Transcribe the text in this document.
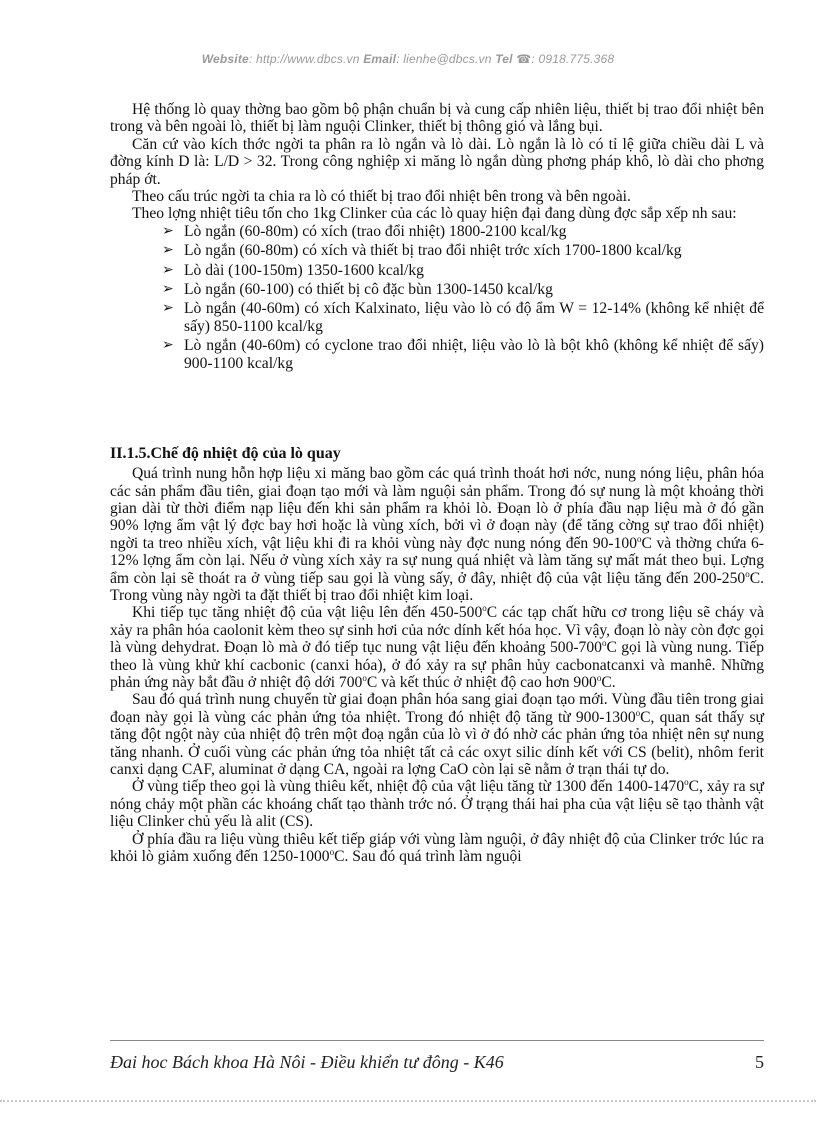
Website: http://www.dbcs.vn Email: lienhe@dbcs.vn Tel ☎: 0918.775.368

Hệ thống lò quay thờng bao gồm bộ phận chuẩn bị và cung cấp nhiên liệu, thiết bị trao đổi nhiệt bên trong và bên ngoài lò, thiết bị làm nguội Clinker, thiết bị thông gió và lắng bụi.

Căn cứ vào kích thớc ngời ta phân ra lò ngắn và lò dài. Lò ngắn là lò có tỉ lệ giữa chiều dài L và đờng kính D là: L/D > 32. Trong công nghiệp xi măng lò ngắn dùng phơng pháp khô, lò dài cho phơng pháp ớt.

Theo cấu trúc ngời ta chia ra lò có thiết bị trao đổi nhiệt bên trong và bên ngoài.

Theo lợng nhiệt tiêu tốn cho 1kg Clinker của các lò quay hiện đại đang dùng đợc sắp xếp nh sau:

➢ Lò ngắn (60-80m) có xích (trao đổi nhiệt) 1800-2100 kcal/kg
➢ Lò ngắn (60-80m) có xích và thiết bị trao đổi nhiệt trớc xích 1700-1800 kcal/kg
➢ Lò dài (100-150m) 1350-1600 kcal/kg
➢ Lò ngắn (60-100) có thiết bị cô đặc bùn 1300-1450 kcal/kg
➢ Lò ngắn (40-60m) có xích Kalxinato, liệu vào lò có độ ẩm W = 12-14% (không kể nhiệt để sấy) 850-1100 kcal/kg
➢ Lò ngắn (40-60m) có cyclone trao đổi nhiệt, liệu vào lò là bột khô (không kể nhiệt để sấy) 900-1100 kcal/kg
II.1.5.Chế độ nhiệt độ của lò quay

Quá trình nung hỗn hợp liệu xi măng bao gồm các quá trình thoát hơi nớc, nung nóng liệu, phân hóa các sản phẩm đầu tiên, giai đoạn tạo mới và làm nguội sản phẩm. Trong đó sự nung là một khoảng thời gian dài từ thời điểm nạp liệu đến khi sản phẩm ra khỏi lò. Đoạn lò ở phía đầu nạp liệu mà ở đó gần 90% lợng ẩm vật lý đợc bay hơi hoặc là vùng xích, bởi vì ở đoạn này (để tăng cờng sự trao đổi nhiệt) ngời ta treo nhiều xích, vật liệu khi đi ra khỏi vùng này đợc nung nóng đến 90-100$^o$C và thờng chứa 6-12% lợng ẩm còn lại. Nếu ở vùng xích xảy ra sự nung quá nhiệt và làm tăng sự mất mát theo bụi. Lợng ẩm còn lại sẽ thoát ra ở vùng tiếp sau gọi là vùng sấy, ở đây, nhiệt độ của vật liệu tăng đến 200-250$^o$C. Trong vùng này ngời ta đặt thiết bị trao đổi nhiệt kim loại.

Khi tiếp tục tăng nhiệt độ của vật liệu lên đến 450-500$^o$C các tạp chất hữu cơ trong liệu sẽ cháy và xảy ra phân hóa caolonit kèm theo sự sinh hơi của nớc dính kết hóa học. Vì vậy, đoạn lò này còn đợc gọi là vùng dehydrat. Đoạn lò mà ở đó tiếp tục nung vật liệu đến khoảng 500-700$^o$C gọi là vùng nung. Tiếp theo là vùng khử khí cacbonic (canxi hóa), ở đó xảy ra sự phân hủy cacbonatcanxi và manhê. Những phản ứng này bắt đầu ở nhiệt độ dới 700$^o$C và kết thúc ở nhiệt độ cao hơn 900$^o$C.

Sau đó quá trình nung chuyển từ giai đoạn phân hóa sang giai đoạn tạo mới. Vùng đầu tiên trong giai đoạn này gọi là vùng các phản ứng tỏa nhiệt. Trong đó nhiệt độ tăng từ 900-1300$^o$C, quan sát thấy sự tăng đột ngột này của nhiệt độ trên một đoạ ngắn của lò vì ở đó nhờ các phản ứng tỏa nhiệt nên sự nung tăng nhanh. Ở cuối vùng các phản ứng tỏa nhiệt tất cả các oxyt silic dính kết với CS (belit), nhôm ferit canxi dạng CAF, aluminat ở dạng CA, ngoài ra lợng CaO còn lại sẽ nằm ở trạn thái tự do.

Ở vùng tiếp theo gọi là vùng thiêu kết, nhiệt độ của vật liệu tăng từ 1300 đến 1400-1470$^o$C, xảy ra sự nóng chảy một phần các khoáng chất tạo thành trớc nó. Ở trạng thái hai pha của vật liệu sẽ tạo thành vật liệu Clinker chủ yếu là alit (CS).

Ở phía đầu ra liệu vùng thiêu kết tiếp giáp với vùng làm nguội, ở đây nhiệt độ của Clinker trớc lúc ra khỏi lò giảm xuống đến 1250-1000$^o$C. Sau đó quá trình làm nguội

Đai hoc Bách khoa Hà Nôi - Điều khiển tư đông - K46	5
